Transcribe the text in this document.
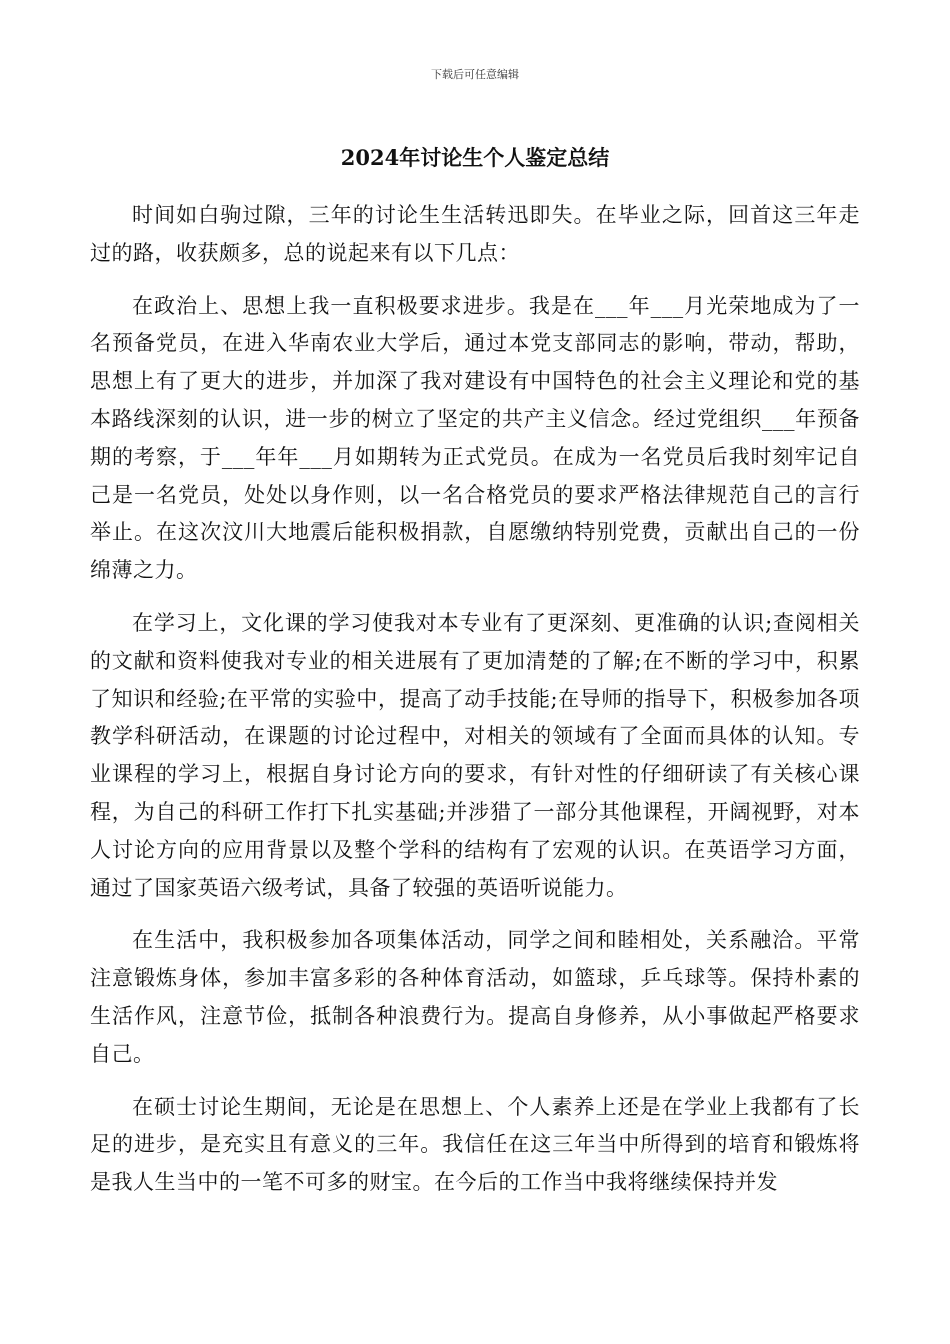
下载后可任意编辑
2024年讨论生个人鉴定总结

时间如白驹过隙，三年的讨论生生活转迅即失。在毕业之际，回首这三年走过的路，收获颇多，总的说起来有以下几点：

在政治上、思想上我一直积极要求进步。我是在___年___月光荣地成为了一名预备党员，在进入华南农业大学后，通过本党支部同志的影响，带动，帮助，思想上有了更大的进步，并加深了我对建设有中国特色的社会主义理论和党的基本路线深刻的认识，进一步的树立了坚定的共产主义信念。经过党组织___年预备期的考察，于___年年___月如期转为正式党员。在成为一名党员后我时刻牢记自己是一名党员，处处以身作则，以一名合格党员的要求严格法律规范自己的言行举止。在这次汶川大地震后能积极捐款，自愿缴纳特别党费，贡献出自己的一份绵薄之力。

在学习上，文化课的学习使我对本专业有了更深刻、更准确的认识;查阅相关的文献和资料使我对专业的相关进展有了更加清楚的了解;在不断的学习中，积累了知识和经验;在平常的实验中，提高了动手技能;在导师的指导下，积极参加各项教学科研活动，在课题的讨论过程中，对相关的领域有了全面而具体的认知。专业课程的学习上，根据自身讨论方向的要求，有针对性的仔细研读了有关核心课程，为自己的科研工作打下扎实基础;并涉猎了一部分其他课程，开阔视野，对本人讨论方向的应用背景以及整个学科的结构有了宏观的认识。在英语学习方面，通过了国家英语六级考试，具备了较强的英语听说能力。

在生活中，我积极参加各项集体活动，同学之间和睦相处，关系融洽。平常注意锻炼身体，参加丰富多彩的各种体育活动，如篮球，乒乓球等。保持朴素的生活作风，注意节俭，抵制各种浪费行为。提高自身修养，从小事做起严格要求自己。

在硕士讨论生期间，无论是在思想上、个人素养上还是在学业上我都有了长足的进步，是充实且有意义的三年。我信任在这三年当中所得到的培育和锻炼将是我人生当中的一笔不可多的财宝。在今后的工作当中我将继续保持并发
